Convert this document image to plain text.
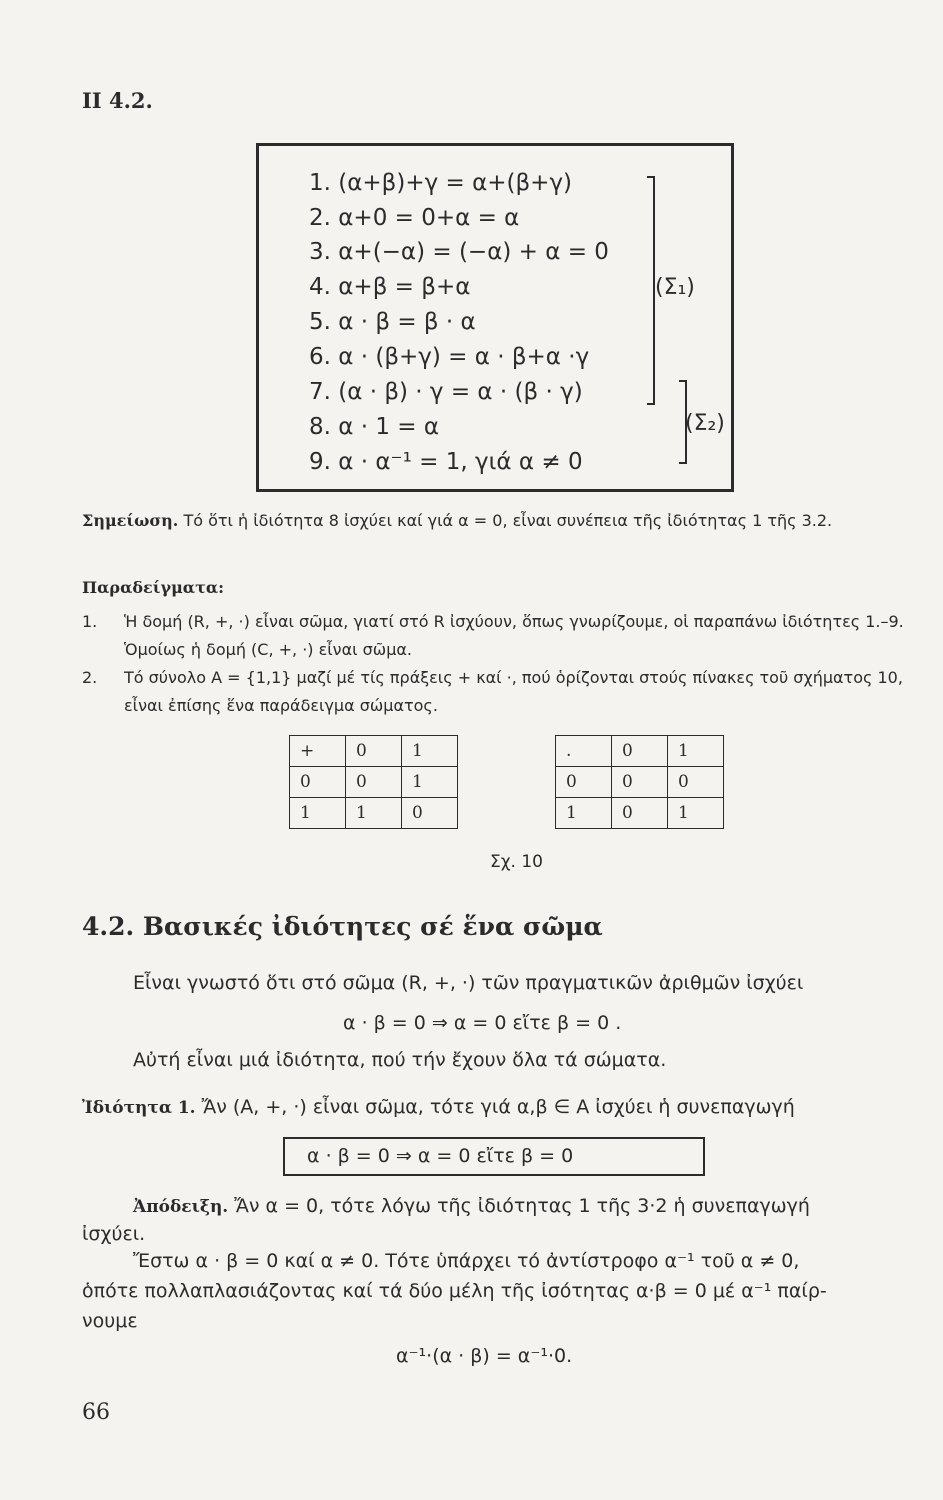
II 4.2.
1. (α+β)+γ = α+(β+γ)
2. α+0 = 0+α = α
3. α+(−α) = (−α) + α = 0
4. α+β = β+α
5. α · β = β · α
6. α · (β+γ) = α · β+α ·γ
7. (α · β) · γ = α · (β · γ)
8. α · 1 = α
9. α · α⁻¹ = 1, γιά α ≠ 0
(Σ₁)
(Σ₂)
Σημείωση. Τό ὅτι ἡ ἰδιότητα 8 ἰσχύει καί γιά α = 0, εἶναι συνέπεια τῆς ἰδιότητας 1 τῆς 3.2.
Παραδείγματα:
1.	Ἡ δομή (R, +, ·) εἶναι σῶμα, γιατί στό R ἰσχύουν, ὅπως γνωρίζουμε, οἱ παραπάνω ἰδιότητες 1.–9. Ὁμοίως ἡ δομή (C, +, ·) εἶναι σῶμα.
2.	Τό σύνολο Α = {1,1} μαζί μέ τίς πράξεις + καί ·, πού ὁρίζονται στούς πίνακες τοῦ σχήματος 10, εἶναι ἐπίσης ἕνα παράδειγμα σώματος.
+	0	1
0	0	1
1	1	0
.	0	1
0	0	0
1	0	1
Σχ. 10
4.2. Βασικές ἰδιότητες σέ ἕνα σῶμα
Εἶναι γνωστό ὅτι στό σῶμα (R, +, ·) τῶν πραγματικῶν ἀριθμῶν ἰσχύει
α · β = 0 ⇒ α = 0 εἴτε β = 0 .
Αὐτή εἶναι μιά ἰδιότητα, πού τήν ἔχουν ὅλα τά σώματα.
Ἰδιότητα 1. Ἄν (Α, +, ·) εἶναι σῶμα, τότε γιά α,β ∈ Α ἰσχύει ἡ συνεπαγωγή
α · β = 0 ⇒ α = 0 εἴτε β = 0
Ἀπόδειξη. Ἄν α = 0, τότε λόγω τῆς ἰδιότητας 1 τῆς 3·2 ἡ συνεπαγωγή
ἰσχύει.
Ἔστω α · β = 0 καί α ≠ 0. Τότε ὑπάρχει τό ἀντίστροφο α⁻¹ τοῦ α ≠ 0,
ὁπότε πολλαπλασιάζοντας καί τά δύο μέλη τῆς ἰσότητας α·β = 0 μέ α⁻¹ παίρ-
νουμε
α⁻¹·(α · β) = α⁻¹·0.
66
